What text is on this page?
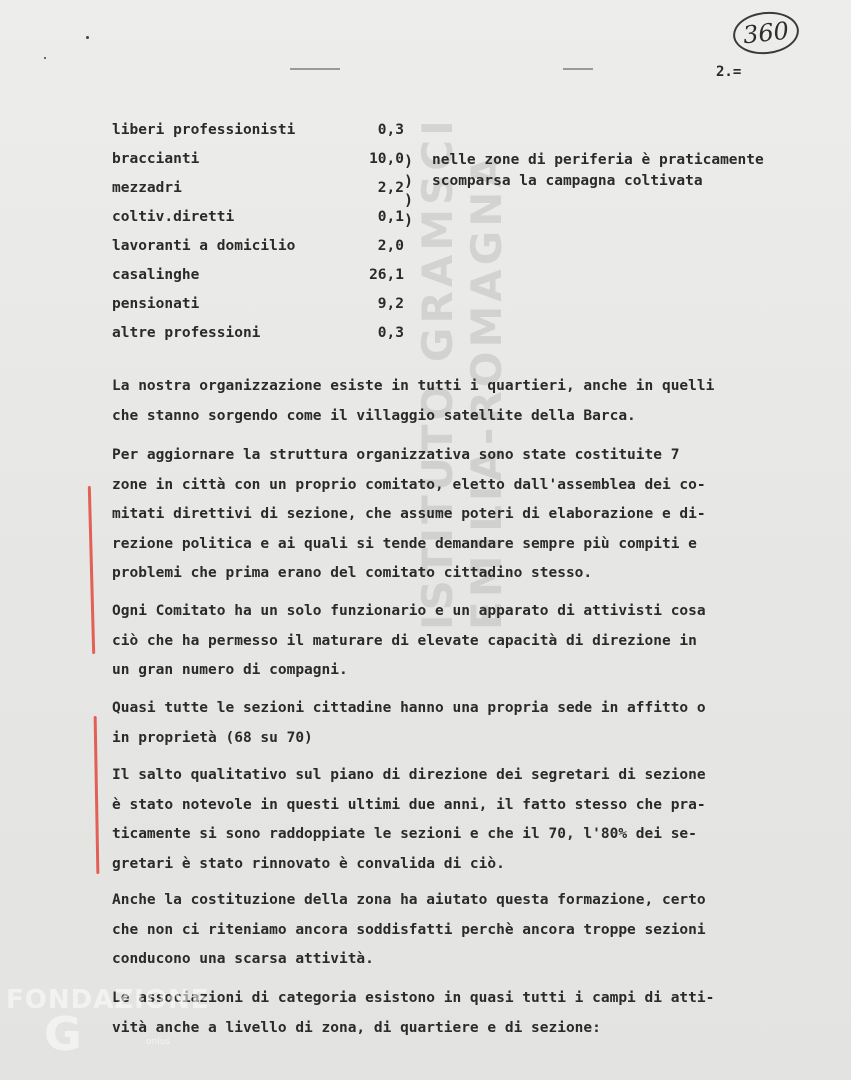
ISTITUTO GRAMSCI EMILIA-ROMAGNA
360
2.=
liberi professionisti	0,3
braccianti	10,0
mezzadri	2,2
coltiv.diretti	0,1
lavoranti a domicilio	2,0
casalinghe	26,1
pensionati	9,2
altre professioni	0,3
)
)
)
)
nelle zone di periferia è praticamente
scomparsa la campagna coltivata
La nostra organizzazione esiste in tutti i quartieri, anche in quelli
che stanno sorgendo come il villaggio satellite della Barca.
Per aggiornare la struttura organizzativa sono state costituite 7
zone in città con un proprio comitato, eletto dall'assemblea dei co-
mitati direttivi di sezione, che assume poteri di elaborazione e di-
rezione politica e ai quali si tende demandare sempre più compiti e
problemi che prima erano del comitato cittadino stesso.
Ogni Comitato ha un solo funzionario e un apparato di attivisti cosa
ciò che ha permesso il maturare di elevate capacità di direzione in
un gran numero di compagni.
Quasi tutte le sezioni cittadine hanno una propria sede in affitto o
in proprietà (68 su 70)
Il salto qualitativo sul piano di direzione dei segretari di sezione
è stato notevole in questi ultimi due anni, il fatto stesso che pra-
ticamente si sono raddoppiate le sezioni e che il 70, l'80% dei se-
gretari è stato rinnovato è convalida di ciò.
Anche la costituzione della zona ha aiutato questa formazione, certo
che non ci riteniamo ancora soddisfatti perchè ancora troppe sezioni
conducono una scarsa attività.
Le associazioni di categoria esistono in quasi tutti i campi di atti-
vità anche a livello di zona, di quartiere e di sezione:
FONDAZIONE
G	onlus
